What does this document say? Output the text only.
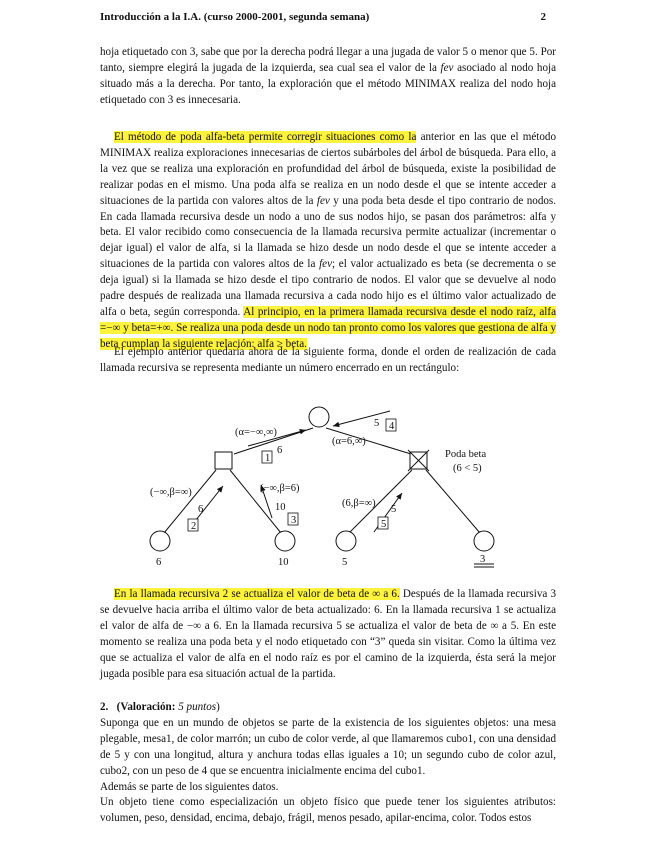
Introducción a la I.A. (curso 2000-2001, segunda semana)	2
hoja etiquetado con 3, sabe que por la derecha podrá llegar a una jugada de valor 5 o menor que 5. Por tanto, siempre elegirá la jugada de la izquierda, sea cual sea el valor de la fev asociado al nodo hoja situado más a la derecha. Por tanto, la exploración que el método MINIMAX realiza del nodo hoja etiquetado con 3 es innecesaria.
El método de poda alfa-beta permite corregir situaciones como la anterior en las que el método MINIMAX realiza exploraciones innecesarias de ciertos subárboles del árbol de búsqueda. Para ello, a la vez que se realiza una exploración en profundidad del árbol de búsqueda, existe la posibilidad de realizar podas en el mismo. Una poda alfa se realiza en un nodo desde el que se intente acceder a situaciones de la partida con valores altos de la fev y una poda beta desde el tipo contrario de nodos. En cada llamada recursiva desde un nodo a uno de sus nodos hijo, se pasan dos parámetros: alfa y beta. El valor recibido como consecuencia de la llamada recursiva permite actualizar (incrementar o dejar igual) el valor de alfa, si la llamada se hizo desde un nodo desde el que se intente acceder a situaciones de la partida con valores altos de la fev; el valor actualizado es beta (se decrementa o se deja igual) si la llamada se hizo desde el tipo contrario de nodos. El valor que se devuelve al nodo padre después de realizada una llamada recursiva a cada nodo hijo es el último valor actualizado de alfa o beta, según corresponda. Al principio, en la primera llamada recursiva desde el nodo raíz, alfa =−∞ y beta=+∞. Se realiza una poda desde un nodo tan pronto como los valores que gestiona de alfa y beta cumplan la siguiente relación: alfa ≥ beta.
El ejemplo anterior quedaría ahora de la siguiente forma, donde el orden de realización de cada llamada recursiva se representa mediante un número encerrado en un rectángulo:
(α=−∞,∞)
(α=6,∞)
(−∞,β=∞)	(−∞,β=6)
(6,β=∞)
Poda beta
(6 < 5)
6
5
6	10	5
1
2
3
4
5
6	10	5	3
En la llamada recursiva 2 se actualiza el valor de beta de ∞ a 6. Después de la llamada recursiva 3 se devuelve hacia arriba el último valor de beta actualizado: 6. En la llamada recursiva 1 se actualiza el valor de alfa de −∞ a 6. En la llamada recursiva 5 se actualiza el valor de beta de ∞ a 5. En este momento se realiza una poda beta y el nodo etiquetado con “3” queda sin visitar. Como la última vez que se actualiza el valor de alfa en el nodo raíz es por el camino de la izquierda, ésta será la mejor jugada posible para esa situación actual de la partida.
2. (Valoración: 5 puntos)
Suponga que en un mundo de objetos se parte de la existencia de los siguientes objetos: una mesa plegable, mesa1, de color marrón; un cubo de color verde, al que llamaremos cubo1, con una densidad de 5 y con una longitud, altura y anchura todas ellas iguales a 10; un segundo cubo de color azul, cubo2, con un peso de 4 que se encuentra inicialmente encima del cubo1.
Además se parte de los siguientes datos.
Un objeto tiene como especialización un objeto físico que puede tener los siguientes atributos: volumen, peso, densidad, encima, debajo, frágil, menos pesado, apilar-encima, color. Todos estos
